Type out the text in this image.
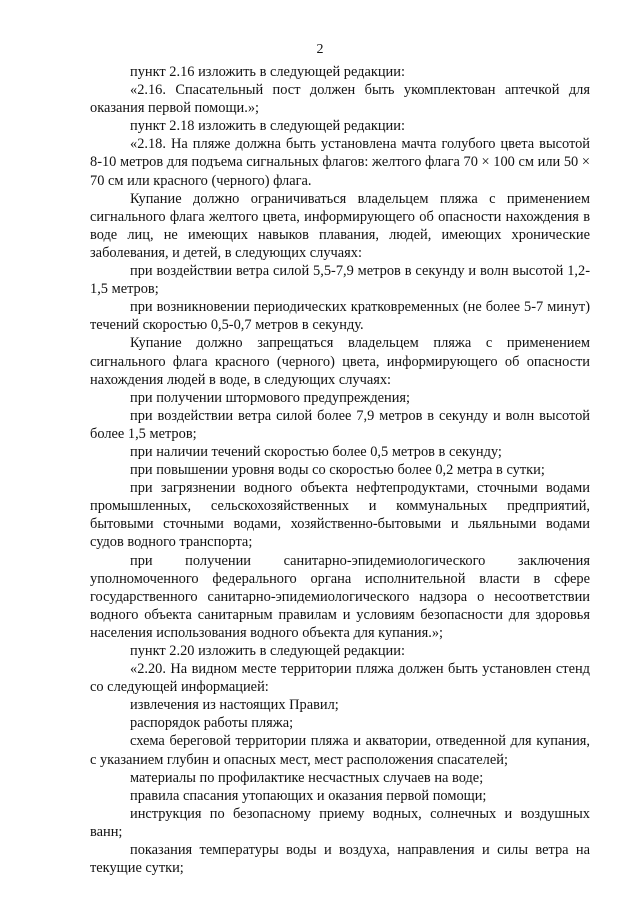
2

пункт 2.16 изложить в следующей редакции:

«2.16. Спасательный пост должен быть укомплектован аптечкой для оказания первой помощи.»;

пункт 2.18 изложить в следующей редакции:

«2.18. На пляже должна быть установлена мачта голубого цвета высотой 8-10 метров для подъема сигнальных флагов: желтого флага 70 × 100 см или 50 × 70 см или красного (черного) флага.

Купание должно ограничиваться владельцем пляжа с применением сигнального флага желтого цвета, информирующего об опасности нахождения в воде лиц, не имеющих навыков плавания, людей, имеющих хронические заболевания, и детей, в следующих случаях:

при воздействии ветра силой 5,5-7,9 метров в секунду и волн высотой 1,2-1,5 метров;

при возникновении периодических кратковременных (не более 5-7 минут) течений скоростью 0,5-0,7 метров в секунду.

Купание должно запрещаться владельцем пляжа с применением сигнального флага красного (черного) цвета, информирующего об опасности нахождения людей в воде, в следующих случаях:

при получении штормового предупреждения;

при воздействии ветра силой более 7,9 метров в секунду и волн высотой более 1,5 метров;

при наличии течений скоростью более 0,5 метров в секунду;

при повышении уровня воды со скоростью более 0,2 метра в сутки;

при загрязнении водного объекта нефтепродуктами, сточными водами промышленных, сельскохозяйственных и коммунальных предприятий, бытовыми сточными водами, хозяйственно-бытовыми и льяльными водами судов водного транспорта;

при получении санитарно-эпидемиологического заключения уполномоченного федерального органа исполнительной власти в сфере государственного санитарно-эпидемиологического надзора о несоответствии водного объекта санитарным правилам и условиям безопасности для здоровья населения использования водного объекта для купания.»;

пункт 2.20 изложить в следующей редакции:

«2.20. На видном месте территории пляжа должен быть установлен стенд со следующей информацией:

извлечения из настоящих Правил;

распорядок работы пляжа;

схема береговой территории пляжа и акватории, отведенной для купания, с указанием глубин и опасных мест, мест расположения спасателей;

материалы по профилактике несчастных случаев на воде;

правила спасания утопающих и оказания первой помощи;

инструкция по безопасному приему водных, солнечных и воздушных ванн;

показания температуры воды и воздуха, направления и силы ветра на текущие сутки;
